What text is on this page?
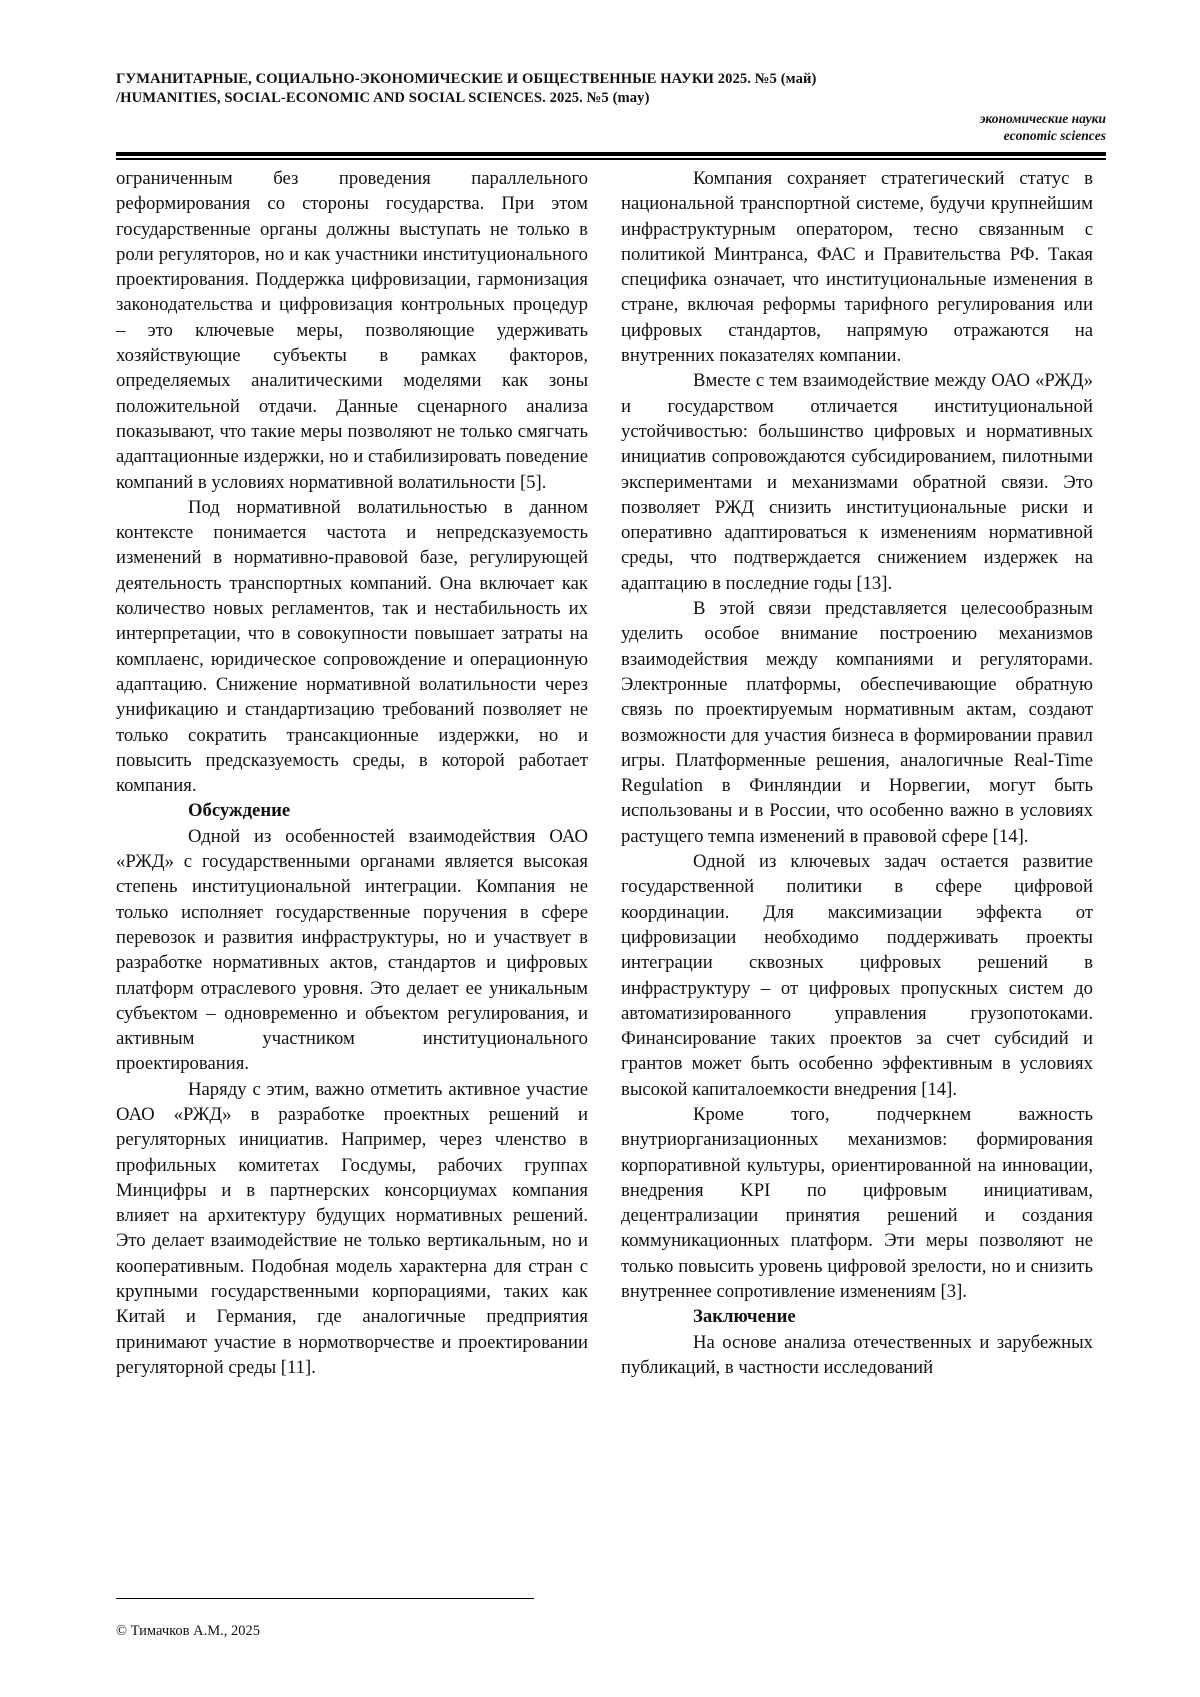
ГУМАНИТАРНЫЕ, СОЦИАЛЬНО-ЭКОНОМИЧЕСКИЕ И ОБЩЕСТВЕННЫЕ НАУКИ 2025. №5 (май)
/HUMANITIES, SOCIAL-ECONOMIC AND SOCIAL SCIENCES. 2025. №5 (may)
экономические науки
economic sciences

ограниченным без проведения параллельного реформирования со стороны государства. При этом государственные органы должны выступать не только в роли регуляторов, но и как участники институционального проектирования. Поддержка цифровизации, гармонизация законодательства и цифровизация контрольных процедур – это ключевые меры, позволяющие удерживать хозяйствующие субъекты в рамках факторов, определяемых аналитическими моделями как зоны положительной отдачи. Данные сценарного анализа показывают, что такие меры позволяют не только смягчать адаптационные издержки, но и стабилизировать поведение компаний в условиях нормативной волатильности [5].

Под нормативной волатильностью в данном контексте понимается частота и непредсказуемость изменений в нормативно-правовой базе, регулирующей деятельность транспортных компаний. Она включает как количество новых регламентов, так и нестабильность их интерпретации, что в совокупности повышает затраты на комплаенс, юридическое сопровождение и операционную адаптацию. Снижение нормативной волатильности через унификацию и стандартизацию требований позволяет не только сократить трансакционные издержки, но и повысить предсказуемость среды, в которой работает компания.

Обсуждение

Одной из особенностей взаимодействия ОАО «РЖД» с государственными органами является высокая степень институциональной интеграции. Компания не только исполняет государственные поручения в сфере перевозок и развития инфраструктуры, но и участвует в разработке нормативных актов, стандартов и цифровых платформ отраслевого уровня. Это делает ее уникальным субъектом – одновременно и объектом регулирования, и активным участником институционального проектирования.

Наряду с этим, важно отметить активное участие ОАО «РЖД» в разработке проектных решений и регуляторных инициатив. Например, через членство в профильных комитетах Госдумы, рабочих группах Минцифры и в партнерских консорциумах компания влияет на архитектуру будущих нормативных решений. Это делает взаимодействие не только вертикальным, но и кооперативным. Подобная модель характерна для стран с крупными государственными корпорациями, таких как Китай и Германия, где аналогичные предприятия принимают участие в нормотворчестве и проектировании регуляторной среды [11].

Компания сохраняет стратегический статус в национальной транспортной системе, будучи крупнейшим инфраструктурным оператором, тесно связанным с политикой Минтранса, ФАС и Правительства РФ. Такая специфика означает, что институциональные изменения в стране, включая реформы тарифного регулирования или цифровых стандартов, напрямую отражаются на внутренних показателях компании.

Вместе с тем взаимодействие между ОАО «РЖД» и государством отличается институциональной устойчивостью: большинство цифровых и нормативных инициатив сопровождаются субсидированием, пилотными экспериментами и механизмами обратной связи. Это позволяет РЖД снизить институциональные риски и оперативно адаптироваться к изменениям нормативной среды, что подтверждается снижением издержек на адаптацию в последние годы [13].

В этой связи представляется целесообразным уделить особое внимание построению механизмов взаимодействия между компаниями и регуляторами. Электронные платформы, обеспечивающие обратную связь по проектируемым нормативным актам, создают возможности для участия бизнеса в формировании правил игры. Платформенные решения, аналогичные Real-Time Regulation в Финляндии и Норвегии, могут быть использованы и в России, что особенно важно в условиях растущего темпа изменений в правовой сфере [14].

Одной из ключевых задач остается развитие государственной политики в сфере цифровой координации. Для максимизации эффекта от цифровизации необходимо поддерживать проекты интеграции сквозных цифровых решений в инфраструктуру – от цифровых пропускных систем до автоматизированного управления грузопотоками. Финансирование таких проектов за счет субсидий и грантов может быть особенно эффективным в условиях высокой капиталоемкости внедрения [14].

Кроме того, подчеркнем важность внутриорганизационных механизмов: формирования корпоративной культуры, ориентированной на инновации, внедрения KPI по цифровым инициативам, децентрализации принятия решений и создания коммуникационных платформ. Эти меры позволяют не только повысить уровень цифровой зрелости, но и снизить внутреннее сопротивление изменениям [3].

Заключение

На основе анализа отечественных и зарубежных публикаций, в частности исследований

© Тимачков А.М., 2025
